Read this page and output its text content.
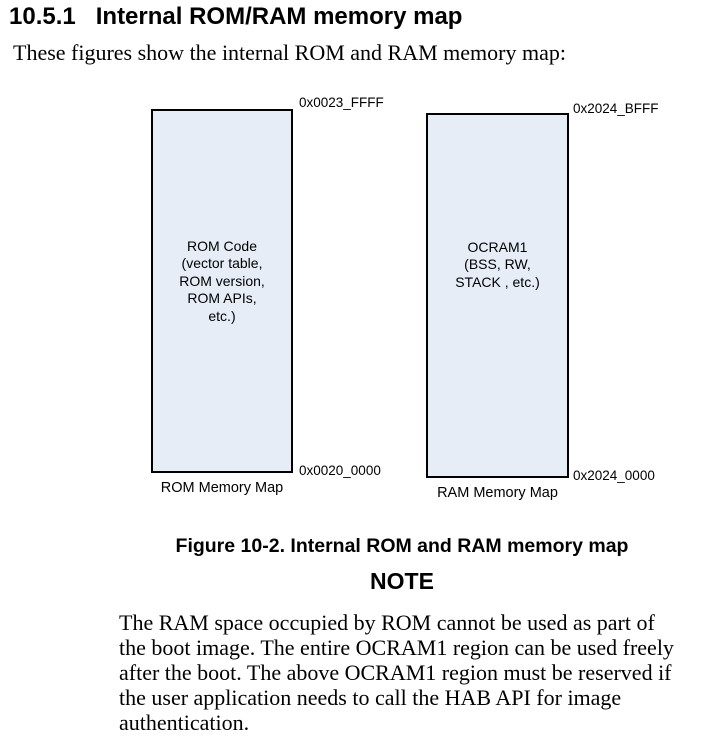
10.5.1 Internal ROM/RAM memory map

These figures show the internal ROM and RAM memory map:

ROM Code
(vector table,
ROM version,
ROM APIs,
etc.)
0x0023_FFFF
0x0020_0000
ROM Memory Map
OCRAM1
(BSS, RW,
STACK , etc.)
0x2024_BFFF
0x2024_0000
RAM Memory Map
Figure 10-2. Internal ROM and RAM memory map
NOTE
The RAM space occupied by ROM cannot be used as part of
the boot image. The entire OCRAM1 region can be used freely
after the boot. The above OCRAM1 region must be reserved if
the user application needs to call the HAB API for image
authentication.
